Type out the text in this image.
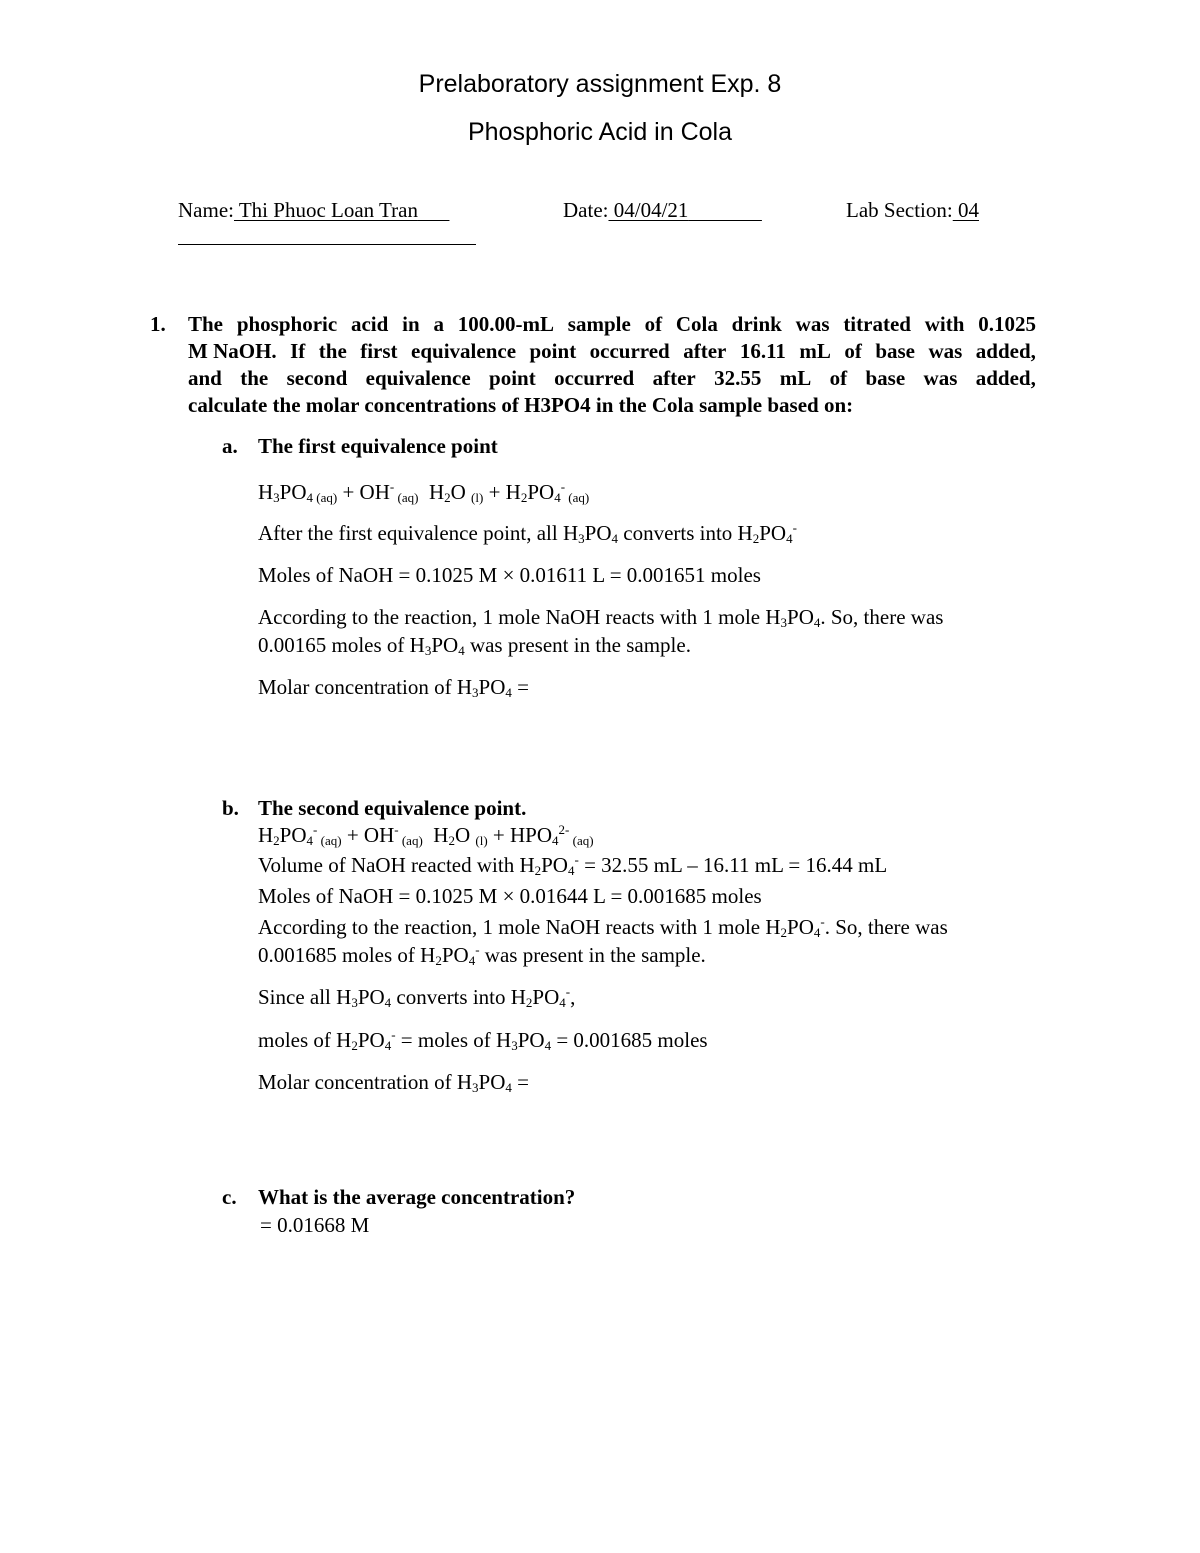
Prelaboratory assignment Exp. 8
Phosphoric Acid in Cola
Name: Thi Phuoc Loan Tran	Date: 04/04/21	Lab Section: 04
1. The phosphoric acid in a 100.00-mL sample of Cola drink was titrated with 0.1025
M NaOH. If the first equivalence point occurred after 16.11 mL of base was added,
and the second equivalence point occurred after 32.55 mL of base was added,
calculate the molar concentrations of H3PO4 in the Cola sample based on:
a. The first equivalence point
$H_3PO_{4 (aq)} + OH^-$ $_{(aq)}$  $H_2O$ $_{(l)} + H_2PO_4^-$ $_{(aq)}$
After the first equivalence point, all $H_3PO_4$ converts into $H_2PO_4^-$
Moles of NaOH = 0.1025 M × 0.01611 L = 0.001651 moles
According to the reaction, 1 mole NaOH reacts with 1 mole $H_3PO_4$. So, there was
0.00165 moles of $H_3PO_4$ was present in the sample.
Molar concentration of $H_3PO_4$ =
b. The second equivalence point.
$H_2PO_4^-$ $_{(aq)}$ + OH- $_{(aq)}$  $H_2O$ $_{(l)} + HPO_4^{2-}$ $_{(aq)}$
Volume of NaOH reacted with $H_2PO_4^- = 32.55$ mL – 16.11 mL = 16.44 mL
Moles of NaOH = 0.1025 M × 0.01644 L = 0.001685 moles
According to the reaction, 1 mole NaOH reacts with 1 mole $H_2PO_4^-$. So, there was
0.001685 moles of $H_2PO_4^-$ was present in the sample.
Since all $H_3PO_4$ converts into $H_2PO_4^-$,
moles of $H_2PO_4^-$ = moles of $H_3PO_4 = 0.001685$ moles
Molar concentration of $H_3PO_4$ =
c. What is the average concentration?
= 0.01668 M
